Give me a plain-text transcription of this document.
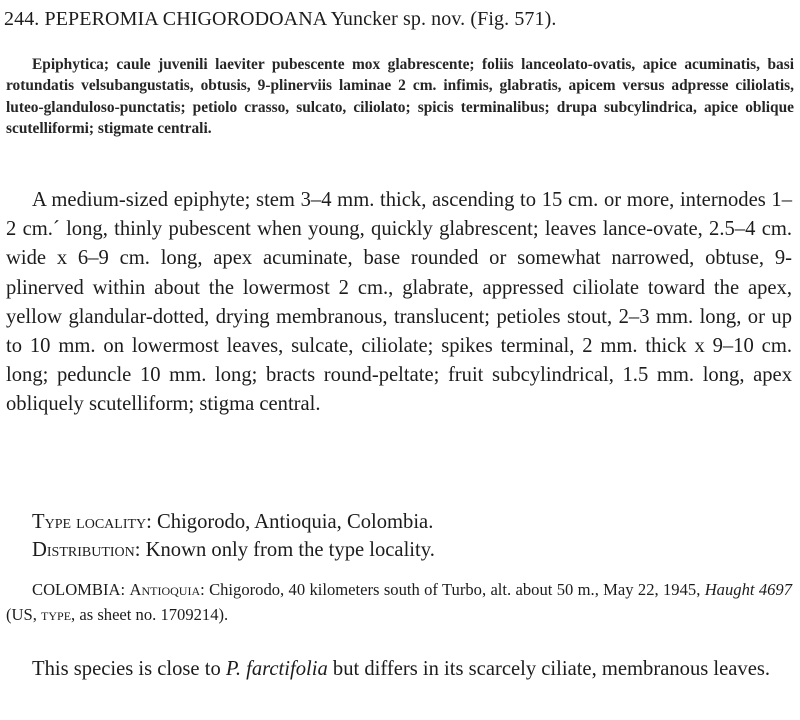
244. PEPEROMIA CHIGORODOANA Yuncker sp. nov. (Fig. 571).
Epiphytica; caule juvenili laeviter pubescente mox glabrescente; foliis lanceolato-ovatis, apice acuminatis, basi rotundatis velsubangustatis, obtusis, 9-plinerviis laminae 2 cm. infimis, glabratis, apicem versus adpresse ciliolatis, luteo-glanduloso-punctatis; petiolo crasso, sulcato, ciliolato; spicis terminalibus; drupa subcylindrica, apice oblique scutelliformi; stigmate centrali.
A medium-sized epiphyte; stem 3–4 mm. thick, ascending to 15 cm. or more, internodes 1–2 cm.´ long, thinly pubescent when young, quickly glabrescent; leaves lance-ovate, 2.5–4 cm. wide x 6–9 cm. long, apex acuminate, base rounded or somewhat narrowed, obtuse, 9-plinerved within about the lowermost 2 cm., glabrate, appressed ciliolate toward the apex, yellow glandular-dotted, drying membranous, translucent; petioles stout, 2–3 mm. long, or up to 10 mm. on lowermost leaves, sulcate, ciliolate; spikes terminal, 2 mm. thick x 9–10 cm. long; peduncle 10 mm. long; bracts round-peltate; fruit subcylindrical, 1.5 mm. long, apex obliquely scutelliform; stigma central.
Type locality: Chigorodo, Antioquia, Colombia.
Distribution: Known only from the type locality.
COLOMBIA: Antioquia: Chigorodo, 40 kilometers south of Turbo, alt. about 50 m., May 22, 1945, Haught 4697 (US, type, as sheet no. 1709214).
This species is close to P. farctifolia but differs in its scarcely ciliate, membranous leaves.
